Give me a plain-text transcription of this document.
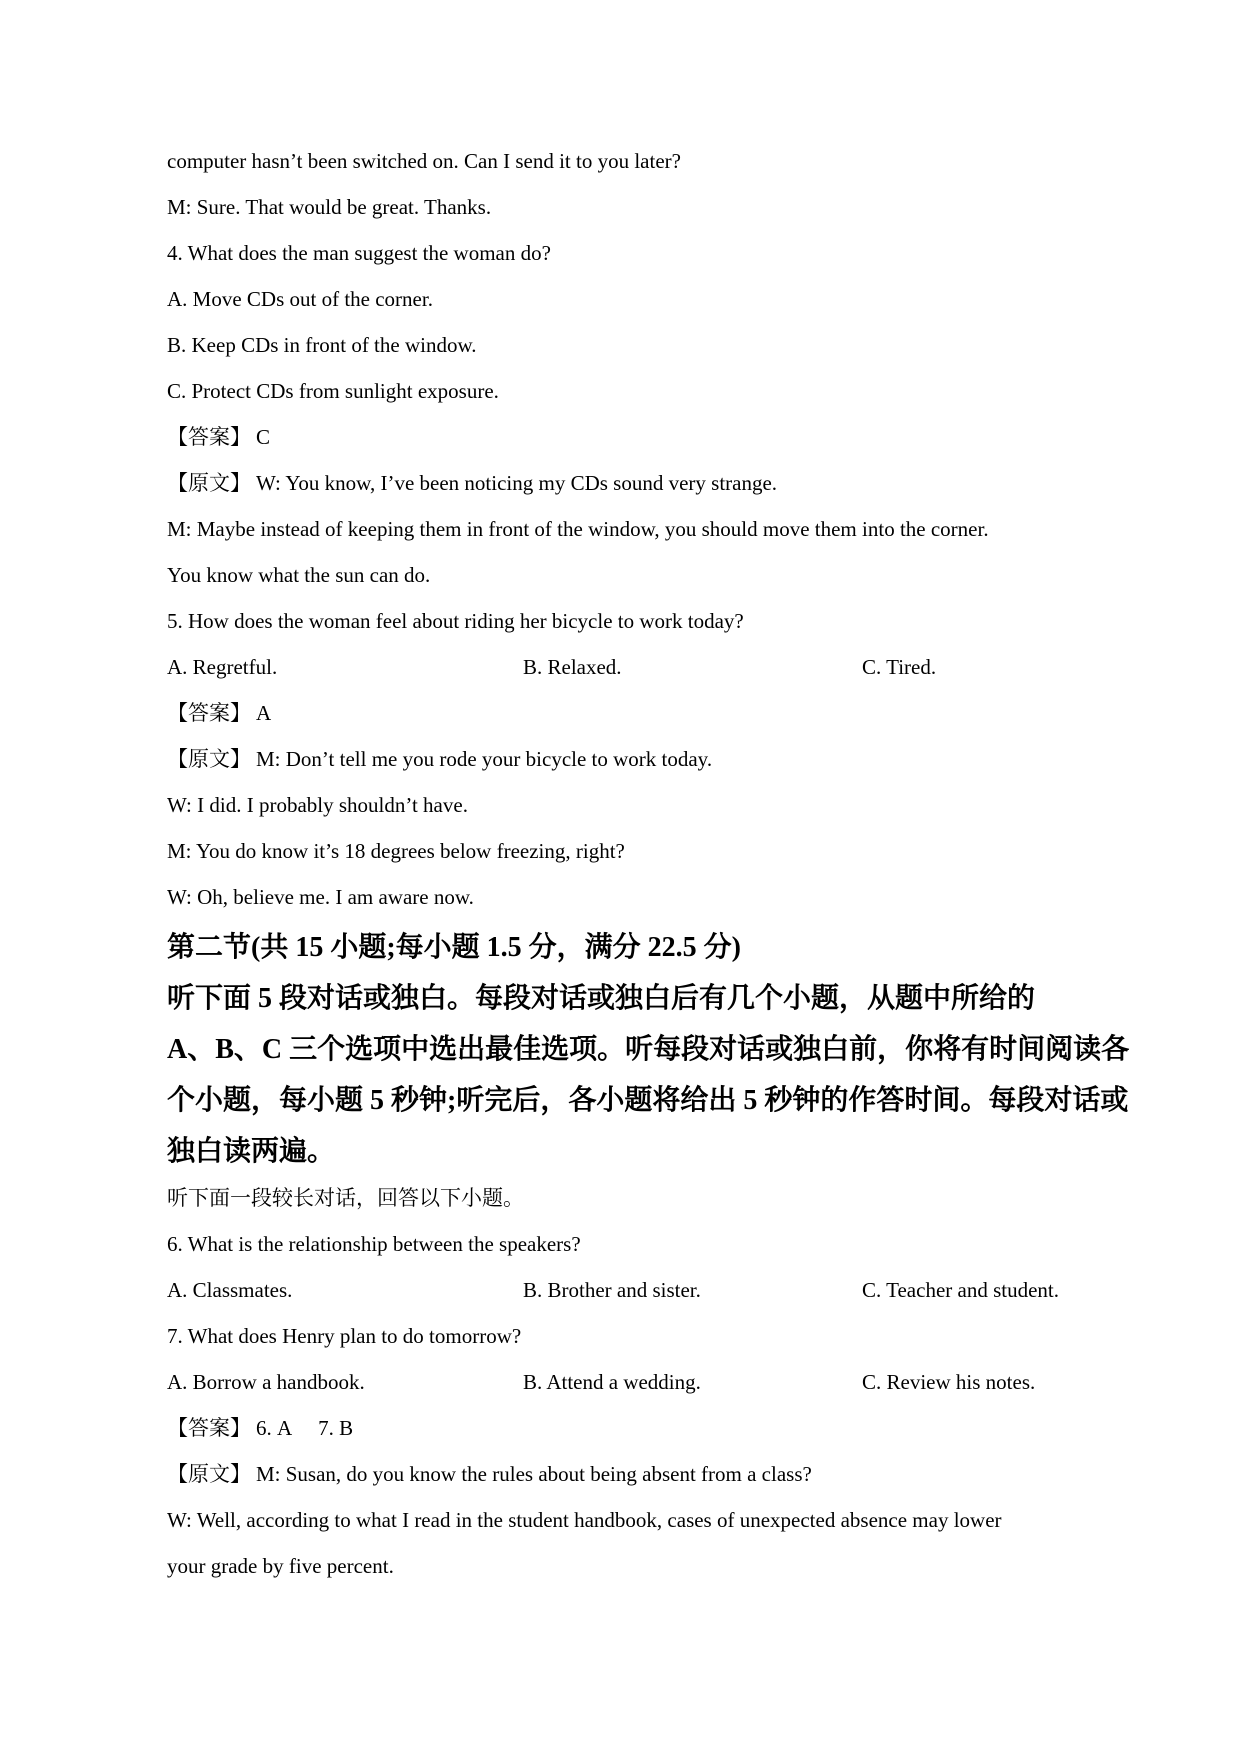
computer hasn’t been switched on. Can I send it to you later?

M: Sure. That would be great. Thanks.

4. What does the man suggest the woman do?

A. Move CDs out of the corner.

B. Keep CDs in front of the window.

C. Protect CDs from sunlight exposure.

【答案】 C

【原文】 W: You know, I’ve been noticing my CDs sound very strange.

M: Maybe instead of keeping them in front of the window, you should move them into the corner.

You know what the sun can do.

5. How does the woman feel about riding her bicycle to work today?

A. Regretful.	B. Relaxed.	C. Tired.

【答案】 A

【原文】 M: Don’t tell me you rode your bicycle to work today.

W: I did. I probably shouldn’t have.

M: You do know it’s 18 degrees below freezing, right?

W: Oh, believe me. I am aware now.

第二节(共 15 小题;每小题 1.5 分，满分 22.5 分)

听下面 5 段对话或独白。每段对话或独白后有几个小题，从题中所给的

A、B、C 三个选项中选出最佳选项。听每段对话或独白前，你将有时间阅读各

个小题，每小题 5 秒钟;听完后，各小题将给出 5 秒钟的作答时间。每段对话或

独白读两遍。

听下面一段较长对话，回答以下小题。

6. What is the relationship between the speakers?

A. Classmates.	B. Brother and sister.	C. Teacher and student.

7. What does Henry plan to do tomorrow?

A. Borrow a handbook.	B. Attend a wedding.	C. Review his notes.

【答案】 6. A 7. B

【原文】 M: Susan, do you know the rules about being absent from a class?

W: Well, according to what I read in the student handbook, cases of unexpected absence may lower

your grade by five percent.
